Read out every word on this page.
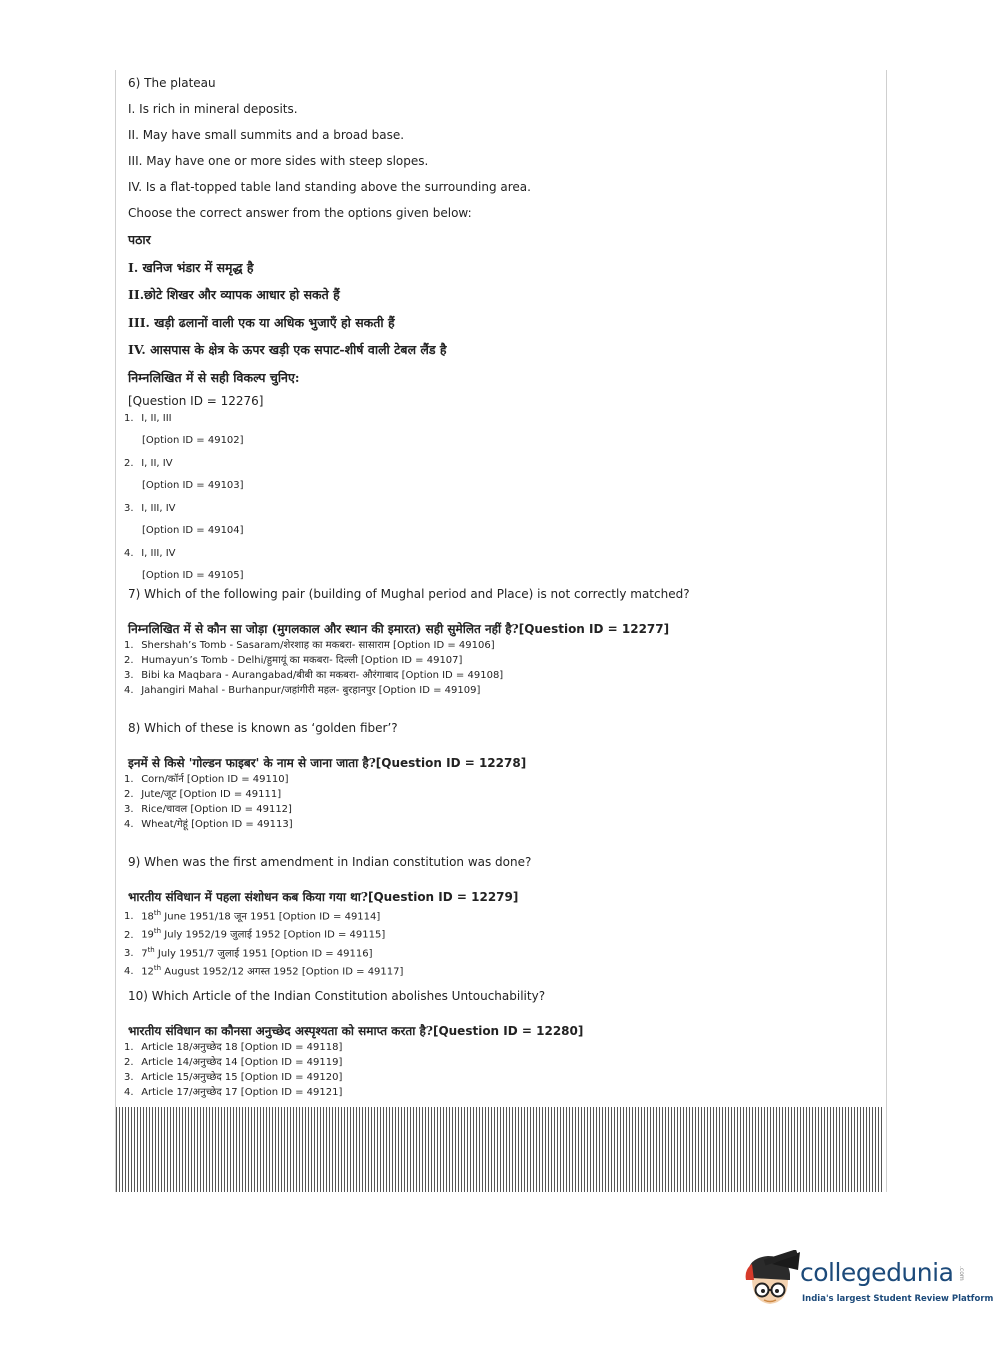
6) The plateau

I. Is rich in mineral deposits.

II. May have small summits and a broad base.

III. May have one or more sides with steep slopes.

IV. Is a flat-topped table land standing above the surrounding area.

Choose the correct answer from the options given below:

पठार

I. खनिज भंडार में समृद्ध है

II.छोटे शिखर और व्यापक आधार हो सकते हैं

III. खड़ी ढलानों वाली एक या अधिक भुजाएँ हो सकती हैं

IV. आसपास के क्षेत्र के ऊपर खड़ी एक सपाट-शीर्ष वाली टेबल लैंड है

निम्नलिखित में से सही विकल्प चुनिए:

[Question ID = 12276]

1. I, II, III

[Option ID = 49102]

2. I, II, IV

[Option ID = 49103]

3. I, III, IV

[Option ID = 49104]

4. I, III, IV

[Option ID = 49105]

7) Which of the following pair (building of Mughal period and Place) is not correctly matched?

निम्नलिखित में से कौन सा जोड़ा (मुगलकाल और स्थान की इमारत) सही सुमेलित नहीं है?[Question ID = 12277]

1. Shershah’s Tomb - Sasaram/शेरशाह का मकबरा- सासाराम [Option ID = 49106]

2. Humayun’s Tomb - Delhi/हुमायूं का मकबरा- दिल्ली [Option ID = 49107]

3. Bibi ka Maqbara - Aurangabad/बीबी का मकबरा- औरंगाबाद [Option ID = 49108]

4. Jahangiri Mahal - Burhanpur/जहांगीरी महल- बुरहानपुर [Option ID = 49109]

8) Which of these is known as ‘golden fiber’?

इनमें से किसे 'गोल्डन फाइबर' के नाम से जाना जाता है?[Question ID = 12278]

1. Corn/कॉर्न [Option ID = 49110]

2. Jute/जूट [Option ID = 49111]

3. Rice/चावल [Option ID = 49112]

4. Wheat/गेहूं [Option ID = 49113]

9) When was the first amendment in Indian constitution was done?

भारतीय संविधान में पहला संशोधन कब किया गया था?[Question ID = 12279]

1. 18th June 1951/18 जून 1951 [Option ID = 49114]

2. 19th July 1952/19 जुलाई 1952 [Option ID = 49115]

3. 7th July 1951/7 जुलाई 1951 [Option ID = 49116]

4. 12th August 1952/12 अगस्त 1952 [Option ID = 49117]

10) Which Article of the Indian Constitution abolishes Untouchability?

भारतीय संविधान का कौनसा अनुच्छेद अस्पृश्यता को समाप्त करता है?[Question ID = 12280]

1. Article 18/अनुच्छेद 18 [Option ID = 49118]

2. Article 14/अनुच्छेद 14 [Option ID = 49119]

3. Article 15/अनुच्छेद 15 [Option ID = 49120]

4. Article 17/अनुच्छेद 17 [Option ID = 49121]

collegedunia .com
India's largest Student Review Platform
